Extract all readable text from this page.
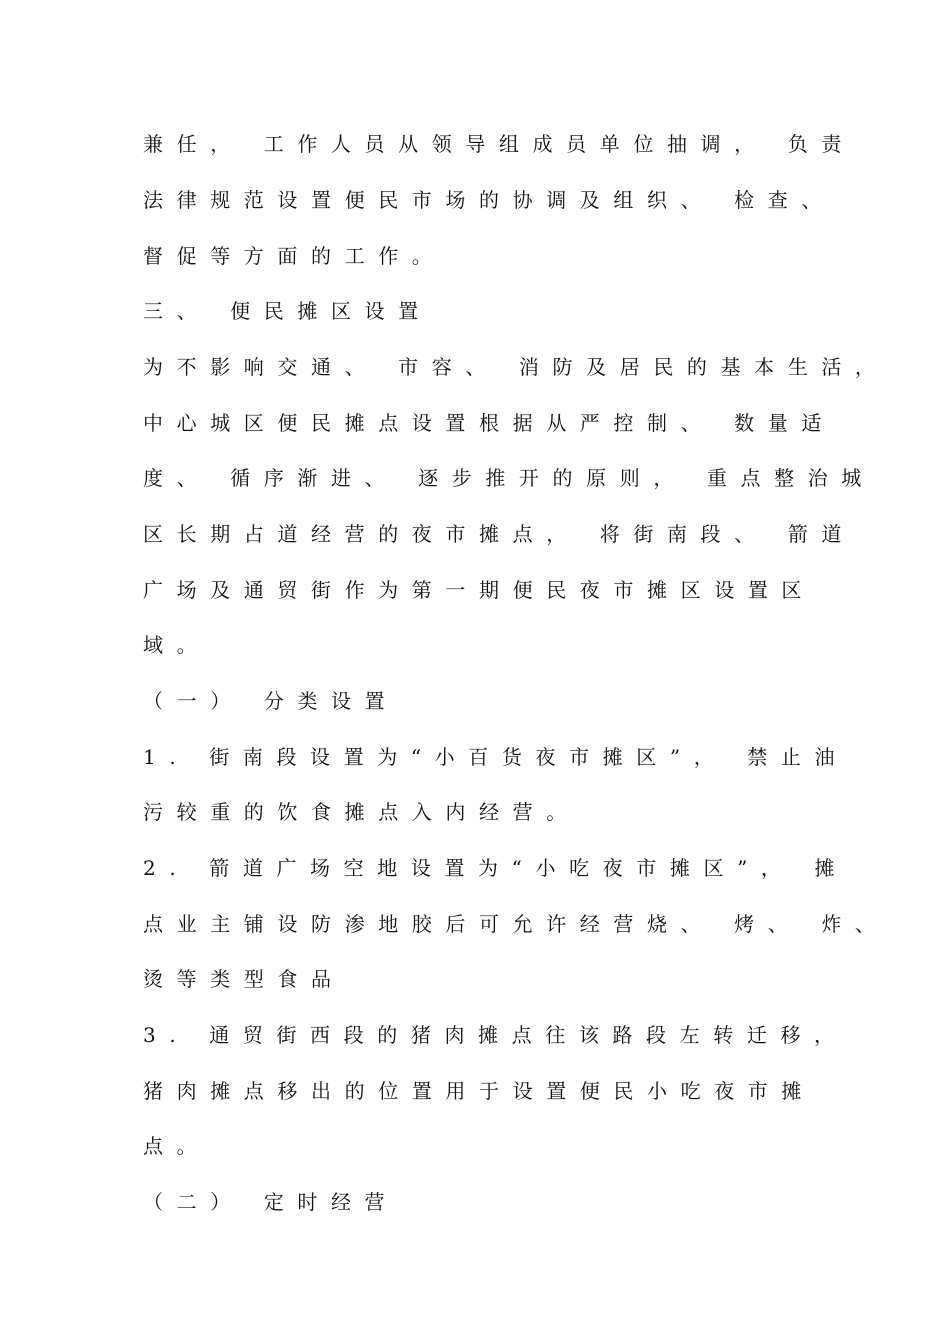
兼任， 工作人员从领导组成员单位抽调， 负责

法律规范设置便民市场的协调及组织、 检查、

督促等方面的工作。

三、 便民摊区设置

为不影响交通、 市容、 消防及居民的基本生活，

中心城区便民摊点设置根据从严控制、 数量适

度、 循序渐进、 逐步推开的原则， 重点整治城

区长期占道经营的夜市摊点， 将街南段、 箭道

广场及通贸街作为第一期便民夜市摊区设置区

域。

（一） 分类设置

1. 街南段设置为“小百货夜市摊区”， 禁止油

污较重的饮食摊点入内经营。

2. 箭道广场空地设置为“小吃夜市摊区”， 摊

点业主铺设防渗地胶后可允许经营烧、 烤、 炸、

烫等类型食品

3. 通贸街西段的猪肉摊点往该路段左转迁移，

猪肉摊点移出的位置用于设置便民小吃夜市摊

点。

（二） 定时经营
